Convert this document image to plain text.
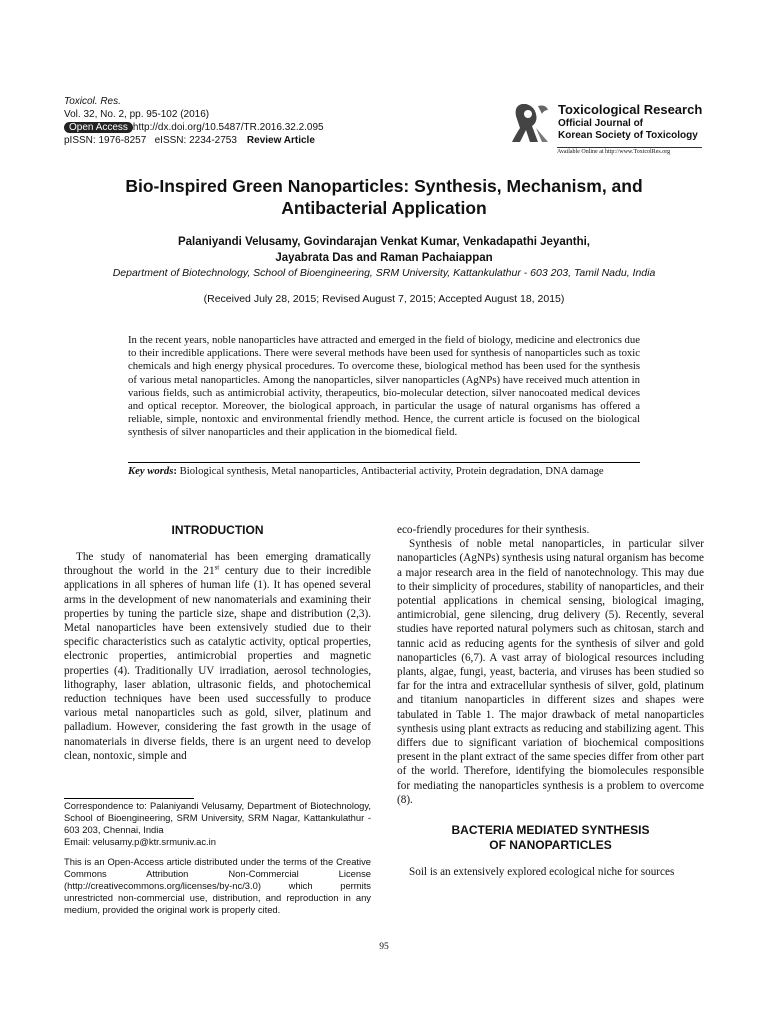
Toxicol. Res.
Vol. 32, No. 2, pp. 95-102 (2016)
Open Access http://dx.doi.org/10.5487/TR.2016.32.2.095
pISSN: 1976-8257   eISSN: 2234-2753 Review Article
Toxicological Research
Official Journal of
Korean Society of Toxicology
Available Online at http://www.ToxicolRes.org
Bio-Inspired Green Nanoparticles: Synthesis, Mechanism, and Antibacterial Application
Palaniyandi Velusamy, Govindarajan Venkat Kumar, Venkadapathi Jeyanthi,
Jayabrata Das and Raman Pachaiappan
Department of Biotechnology, School of Bioengineering, SRM University, Kattankulathur - 603 203, Tamil Nadu, India
(Received July 28, 2015; Revised August 7, 2015; Accepted August 18, 2015)
In the recent years, noble nanoparticles have attracted and emerged in the field of biology, medicine and electronics due to their incredible applications. There were several methods have been used for synthesis of nanoparticles such as toxic chemicals and high energy physical procedures. To overcome these, biological method has been used for the synthesis of various metal nanoparticles. Among the nanoparticles, silver nanoparticles (AgNPs) have received much attention in various fields, such as antimicrobial activity, therapeutics, bio-molecular detection, silver nanocoated medical devices and optical receptor. Moreover, the biological approach, in particular the usage of natural organisms has offered a reliable, simple, nontoxic and environmental friendly method. Hence, the current article is focused on the biological synthesis of silver nanoparticles and their application in the biomedical field.
Key words: Biological synthesis, Metal nanoparticles, Antibacterial activity, Protein degradation, DNA damage
INTRODUCTION

The study of nanomaterial has been emerging dramatically throughout the world in the 21st century due to their incredible applications in all spheres of human life (1). It has opened several arms in the development of new nanomaterials and examining their properties by tuning the particle size, shape and distribution (2,3). Metal nanoparticles have been extensively studied due to their specific characteristics such as catalytic activity, optical properties, electronic properties, antimicrobial properties and magnetic properties (4). Traditionally UV irradiation, aerosol technologies, lithography, laser ablation, ultrasonic fields, and photochemical reduction techniques have been used successfully to produce various metal nanoparticles such as gold, silver, platinum and palladium. However, considering the fast growth in the usage of nanomaterials in diverse fields, there is an urgent need to develop clean, nontoxic, simple and

Correspondence to: Palaniyandi Velusamy, Department of Biotechnology, School of Bioengineering, SRM University, SRM Nagar, Kattankulathur - 603 203, Chennai, India
Email: velusamy.p@ktr.srmuniv.ac.in
This is an Open-Access article distributed under the terms of the Creative Commons Attribution Non-Commercial License (http://creativecommons.org/licenses/by-nc/3.0) which permits unrestricted non-commercial use, distribution, and reproduction in any medium, provided the original work is properly cited.

eco-friendly procedures for their synthesis.

Synthesis of noble metal nanoparticles, in particular silver nanoparticles (AgNPs) synthesis using natural organism has become a major research area in the field of nanotechnology. This may due to their simplicity of procedures, stability of nanoparticles, and their potential applications in chemical sensing, biological imaging, antimicrobial, gene silencing, drug delivery (5). Recently, several studies have reported natural polymers such as chitosan, starch and tannic acid as reducing agents for the synthesis of silver and gold nanoparticles (6,7). A vast array of biological resources including plants, algae, fungi, yeast, bacteria, and viruses has been studied so far for the intra and extracellular synthesis of silver, gold, platinum and titanium nanoparticles in different sizes and shapes were tabulated in Table 1. The major drawback of metal nanoparticles synthesis using plant extracts as reducing and stabilizing agent. This differs due to significant variation of biochemical compositions present in the plant extract of the same species differ from other part of the world. Therefore, identifying the biomolecules responsible for mediating the nanoparticles synthesis is a problem to overcome (8).

BACTERIA MEDIATED SYNTHESIS
OF NANOPARTICLES

Soil is an extensively explored ecological niche for sources

95
